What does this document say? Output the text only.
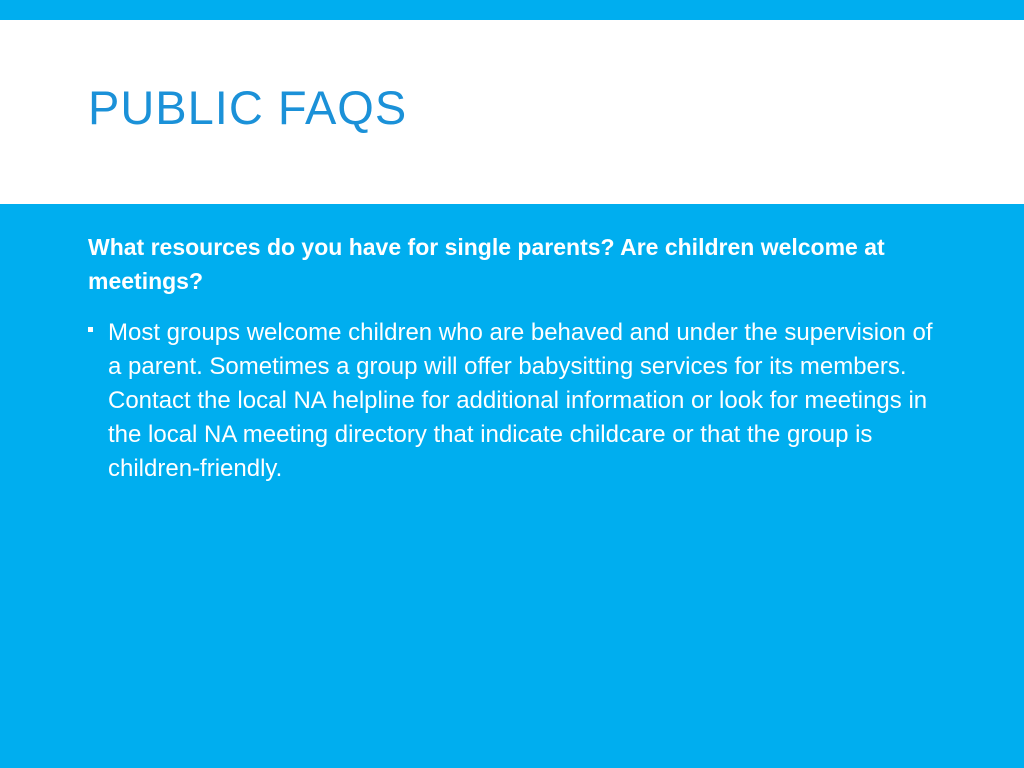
PUBLIC FAQS

What resources do you have for single parents? Are children welcome at meetings?

Most groups welcome children who are behaved and under the supervision of a parent. Sometimes a group will offer babysitting services for its members. Contact the local NA helpline for additional information or look for meetings in the local NA meeting directory that indicate childcare or that the group is children-friendly.
